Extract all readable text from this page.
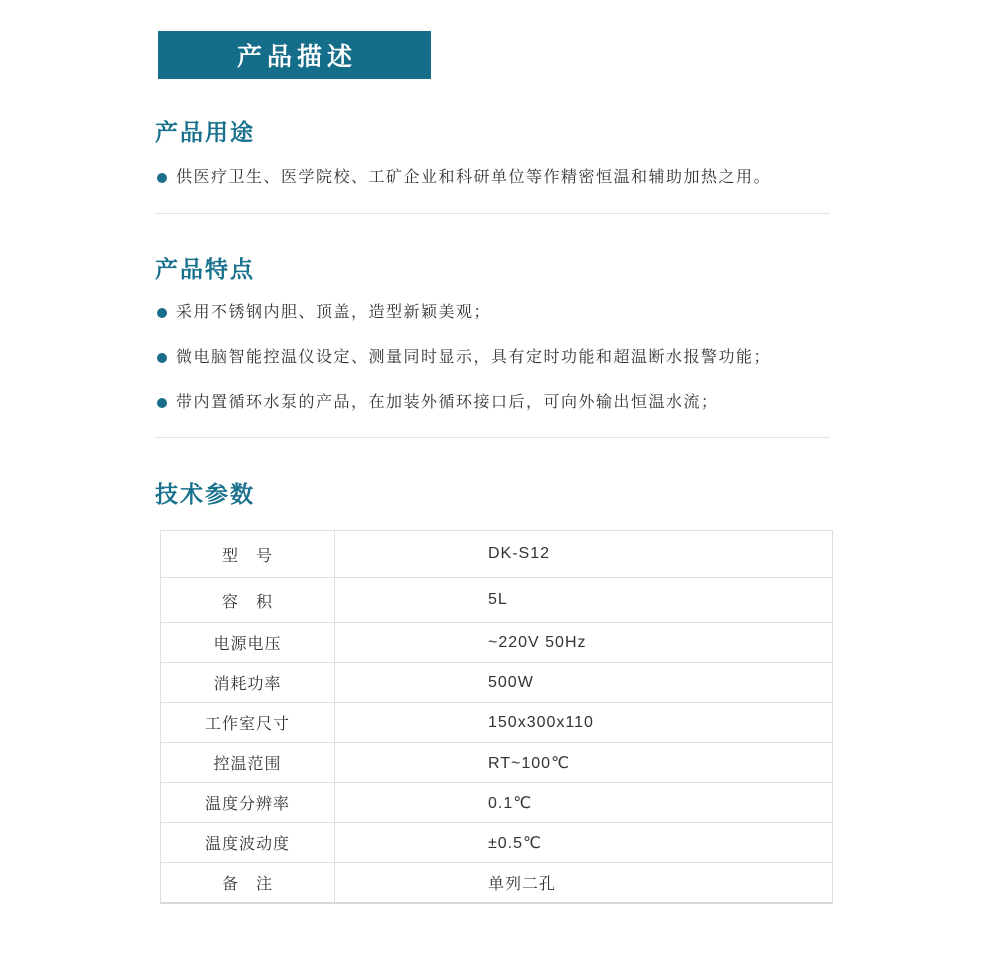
产品描述
产品用途
供医疗卫生、医学院校、工矿企业和科研单位等作精密恒温和辅助加热之用。
产品特点
采用不锈钢内胆、顶盖，造型新颖美观；
微电脑智能控温仪设定、测量同时显示，具有定时功能和超温断水报警功能；
带内置循环水泵的产品，在加装外循环接口后，可向外输出恒温水流；
技术参数
型　号	DK-S12
容　积	5L
电源电压	~220V 50Hz
消耗功率	500W
工作室尺寸	150x300x110
控温范围	RT~100℃
温度分辨率	0.1℃
温度波动度	±0.5℃
备　注	单列二孔
